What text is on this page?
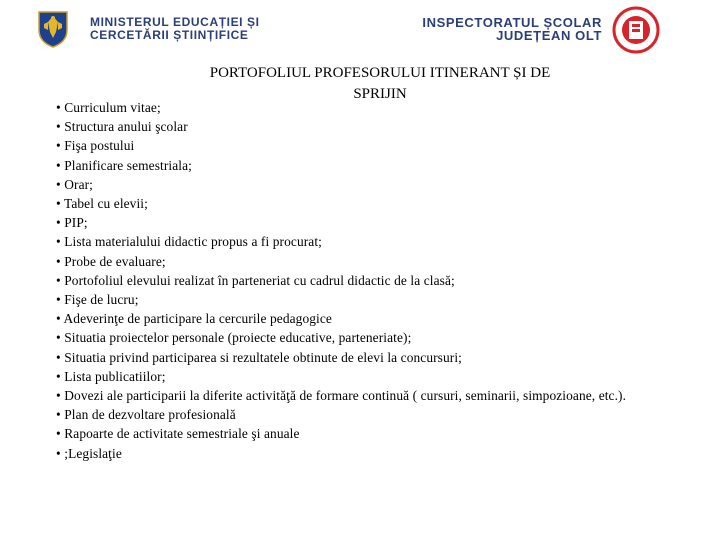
MINISTERUL EDUCAȚIEI ȘI
CERCETĂRII ȘTIINȚIFICE
INSPECTORATUL ȘCOLAR
JUDEȚEAN OLT
PORTOFOLIUL PROFESORULUI ITINERANT ȘI DE
SPRIJIN
• Curriculum vitae;
• Structura anului şcolar
• Fişa postului
• Planificare semestriala;
• Orar;
• Tabel cu elevii;
• PIP;
• Lista materialului didactic propus a fi procurat;
• Probe de evaluare;
• Portofoliul elevului realizat în parteneriat cu cadrul didactic de la clasă;
• Fişe de lucru;
• Adeverinţe de participare la cercurile pedagogice
• Situatia proiectelor personale (proiecte educative, parteneriate);
• Situatia privind participarea si rezultatele obtinute de elevi la concursuri;
• Lista publicatiilor;
• Dovezi ale participarii la diferite activităţă de formare continuă ( cursuri, seminarii, simpozioane, etc.).
• Plan de dezvoltare profesională
• Rapoarte de activitate semestriale şi anuale
• ;Legislaţie
